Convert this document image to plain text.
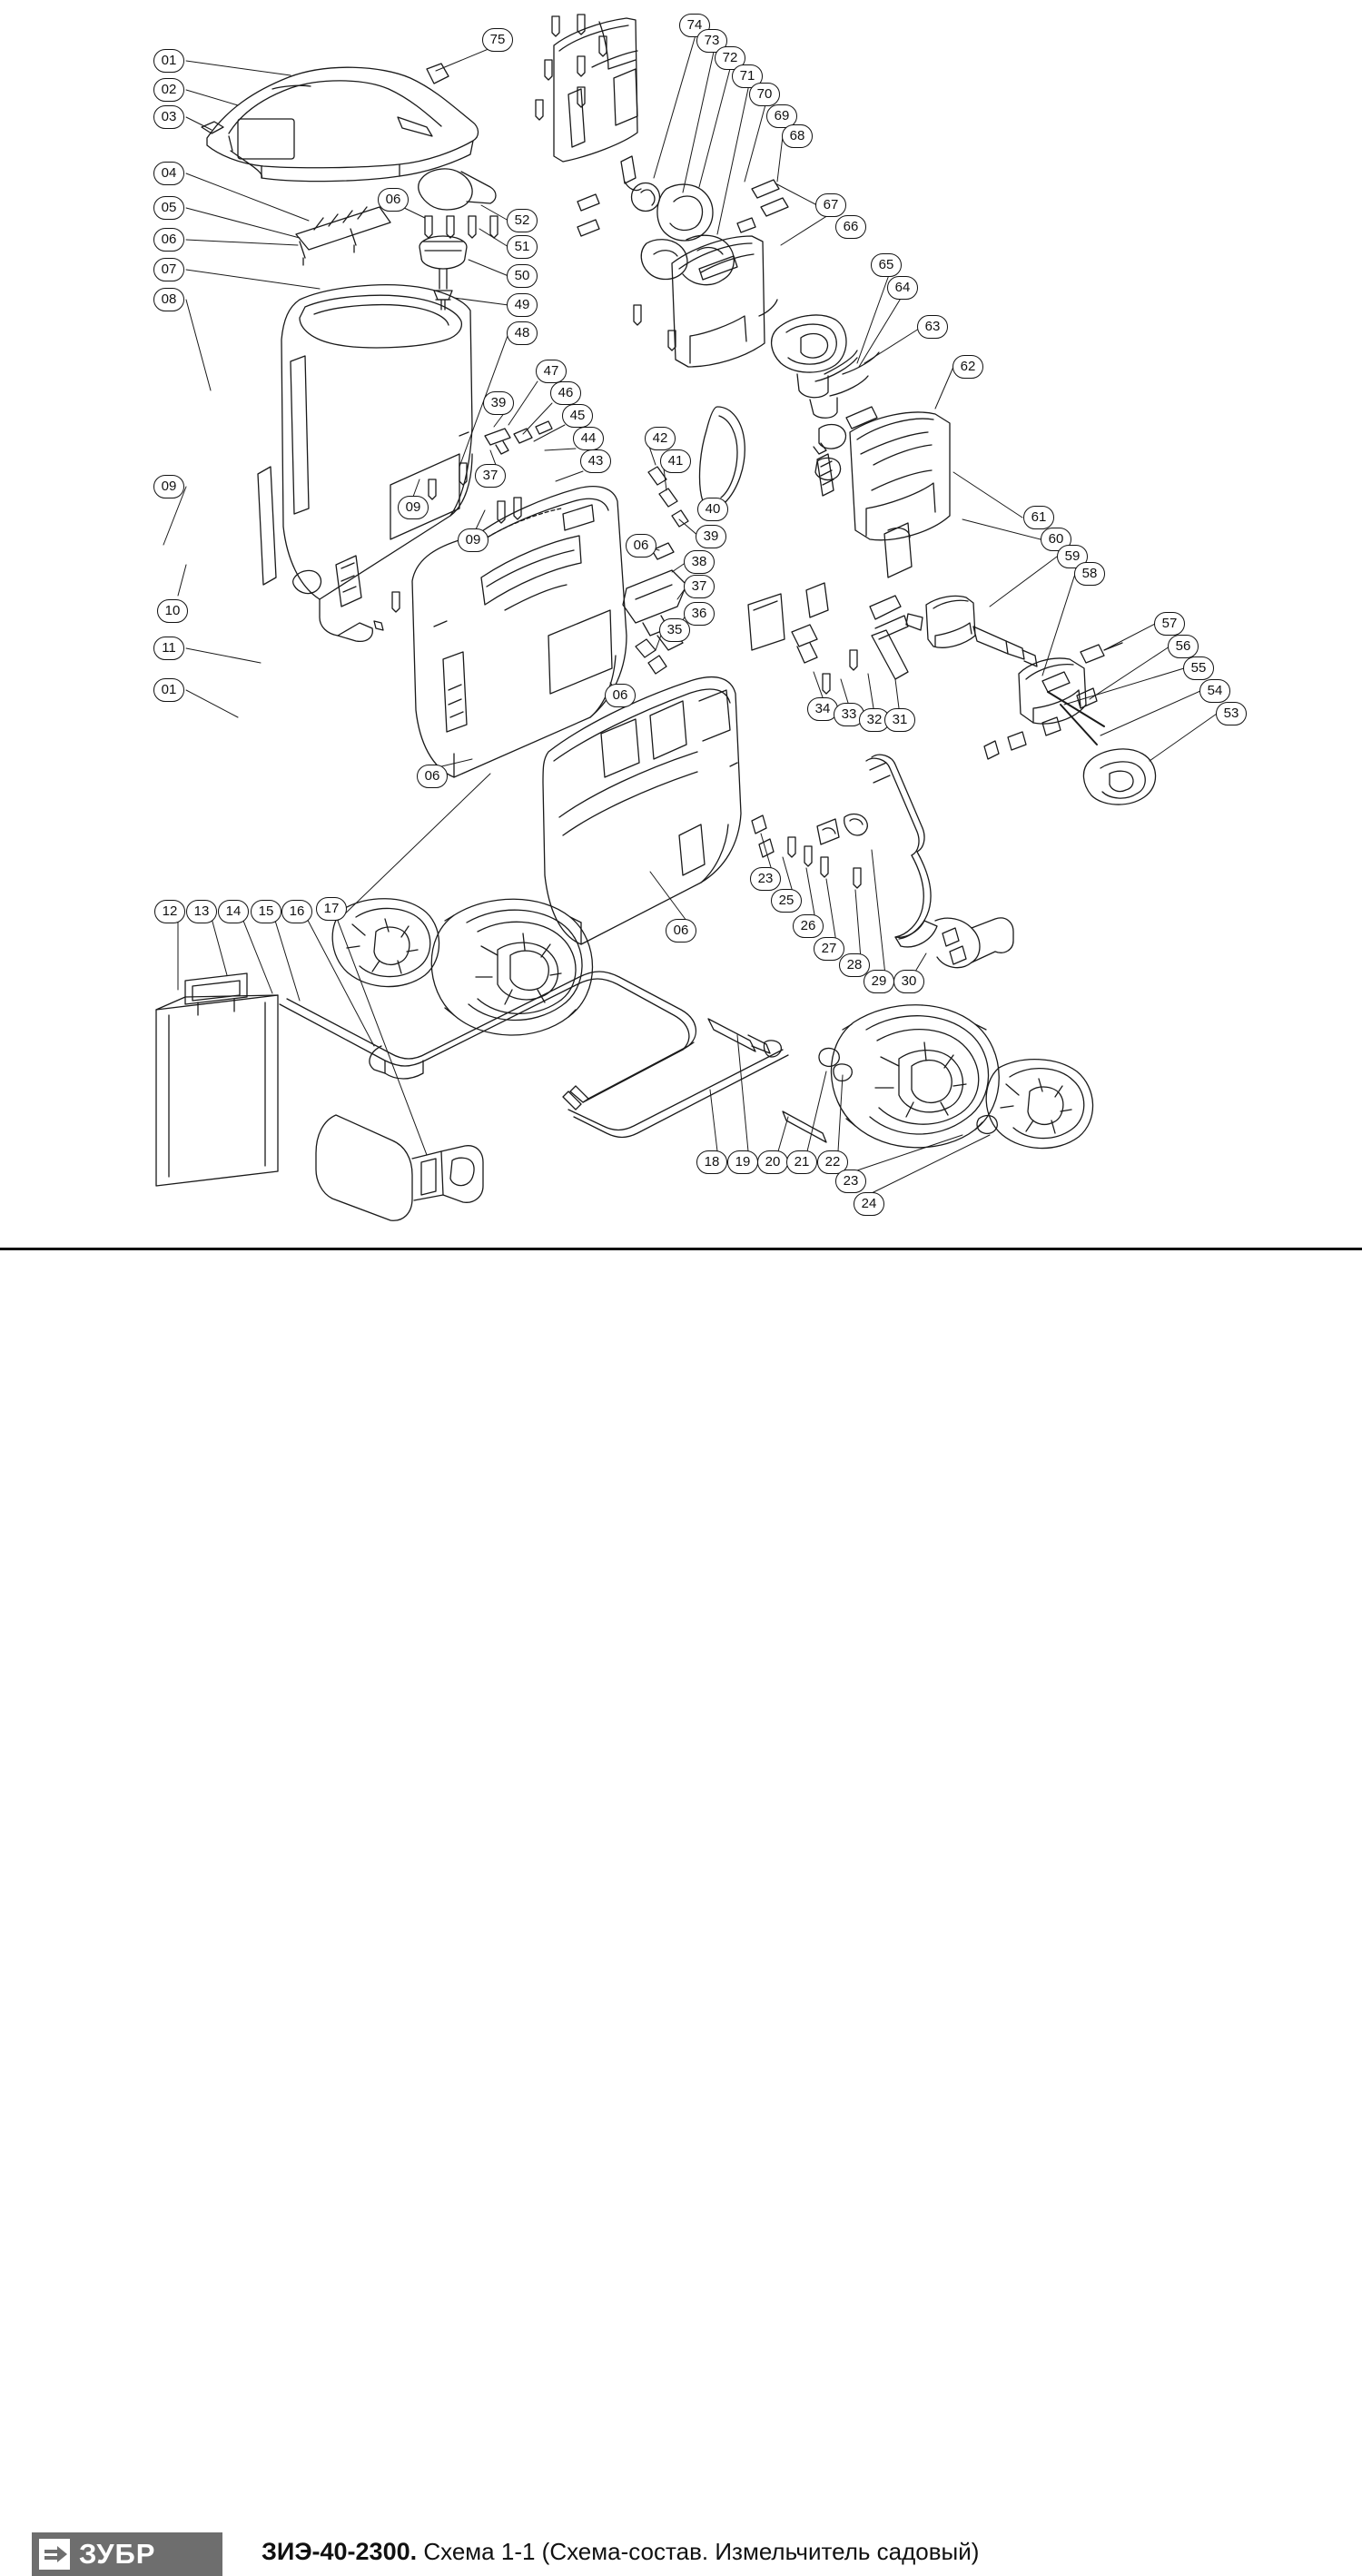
01
02
03
04
05
06
07
08
09
10
11
01
06
52
51
50
49
48
47
46
45
44
43
39
37
09
09
06
06
06
42
41
40
39
38
37
36
35
34 33 32 31
75
74
73
72
71
70
69
68
67
66
65
64
63
62
61
60
59
58
57
56
55
54
53
06
23
25
26
27
28
29	30
12	13	14	15	16	17
18	19	20	21	22
23
24
ЗУБР	ЗИЭ-40-2300. Схема 1-1 (Схема-состав. Измельчитель садовый)
